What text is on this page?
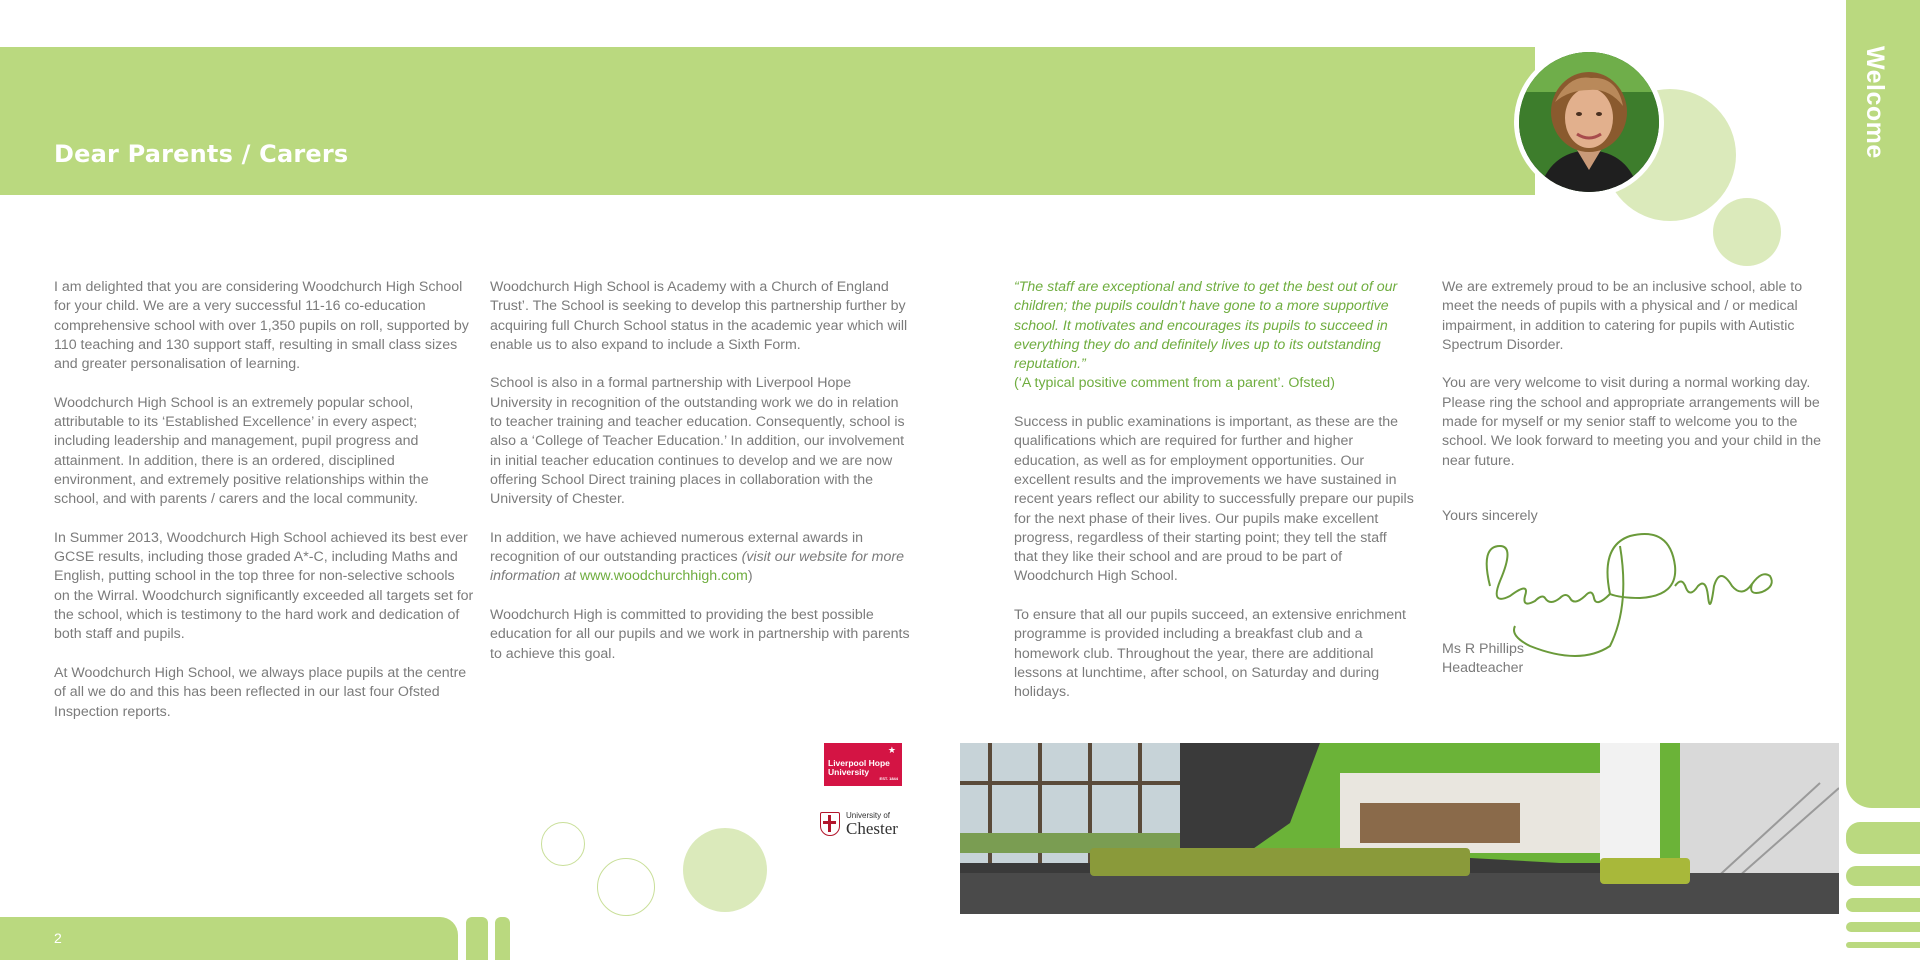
Dear Parents / Carers	Welcome

I am delighted that you are considering Woodchurch High School for your child. We are a very successful 11-16 co-education comprehensive school with over 1,350 pupils on roll, supported by 110 teaching and 130 support staff, resulting in small class sizes and greater personalisation of learning.

Woodchurch High School is an extremely popular school, attributable to its ‘Established Excellence’ in every aspect; including leadership and management, pupil progress and attainment. In addition, there is an ordered, disciplined environment, and extremely positive relationships within the school, and with parents / carers and the local community.

In Summer 2013, Woodchurch High School achieved its best ever GCSE results, including those graded A*-C, including Maths and English, putting school in the top three for non-selective schools on the Wirral. Woodchurch significantly exceeded all targets set for the school, which is testimony to the hard work and dedication of both staff and pupils.

At Woodchurch High School, we always place pupils at the centre of all we do and this has been reflected in our last four Ofsted Inspection reports.

Woodchurch High School is Academy with a Church of England Trust’. The School is seeking to develop this partnership further by acquiring full Church School status in the academic year which will enable us to also expand to include a Sixth Form.

School is also in a formal partnership with Liverpool Hope University in recognition of the outstanding work we do in relation to teacher training and teacher education. Consequently, school is also a ‘College of Teacher Education.’ In addition, our involvement in initial teacher education continues to develop and we are now offering School Direct training places in collaboration with the University of Chester.

In addition, we have achieved numerous external awards in recognition of our outstanding practices (visit our website for more information at www.woodchurchhigh.com)

Woodchurch High is committed to providing the best possible education for all our pupils and we work in partnership with parents to achieve this goal.

“The staff are exceptional and strive to get the best out of our children; the pupils couldn’t have gone to a more supportive school. It motivates and encourages its pupils to succeed in everything they do and definitely lives up to its outstanding reputation.”
(‘A typical positive comment from a parent’. Ofsted)

Success in public examinations is important, as these are the qualifications which are required for further and higher education, as well as for employment opportunities. Our excellent results and the improvements we have sustained in recent years reflect our ability to successfully prepare our pupils for the next phase of their lives. Our pupils make excellent progress, regardless of their starting point; they tell the staff that they like their school and are proud to be part of Woodchurch High School.

To ensure that all our pupils succeed, an extensive enrichment programme is provided including a breakfast club and a homework club. Throughout the year, there are additional lessons at lunchtime, after school, on Saturday and during holidays.

We are extremely proud to be an inclusive school, able to meet the needs of pupils with a physical and / or medical impairment, in addition to catering for pupils with Autistic Spectrum Disorder.

You are very welcome to visit during a normal working day. Please ring the school and appropriate arrangements will be made for myself or my senior staff to welcome you to the school. We look forward to meeting you and your child in the near future.

Yours sincerely
Ms R Phillips
Headteacher
★
Liverpool Hope
University
EST. 1844
University of
Chester
2
